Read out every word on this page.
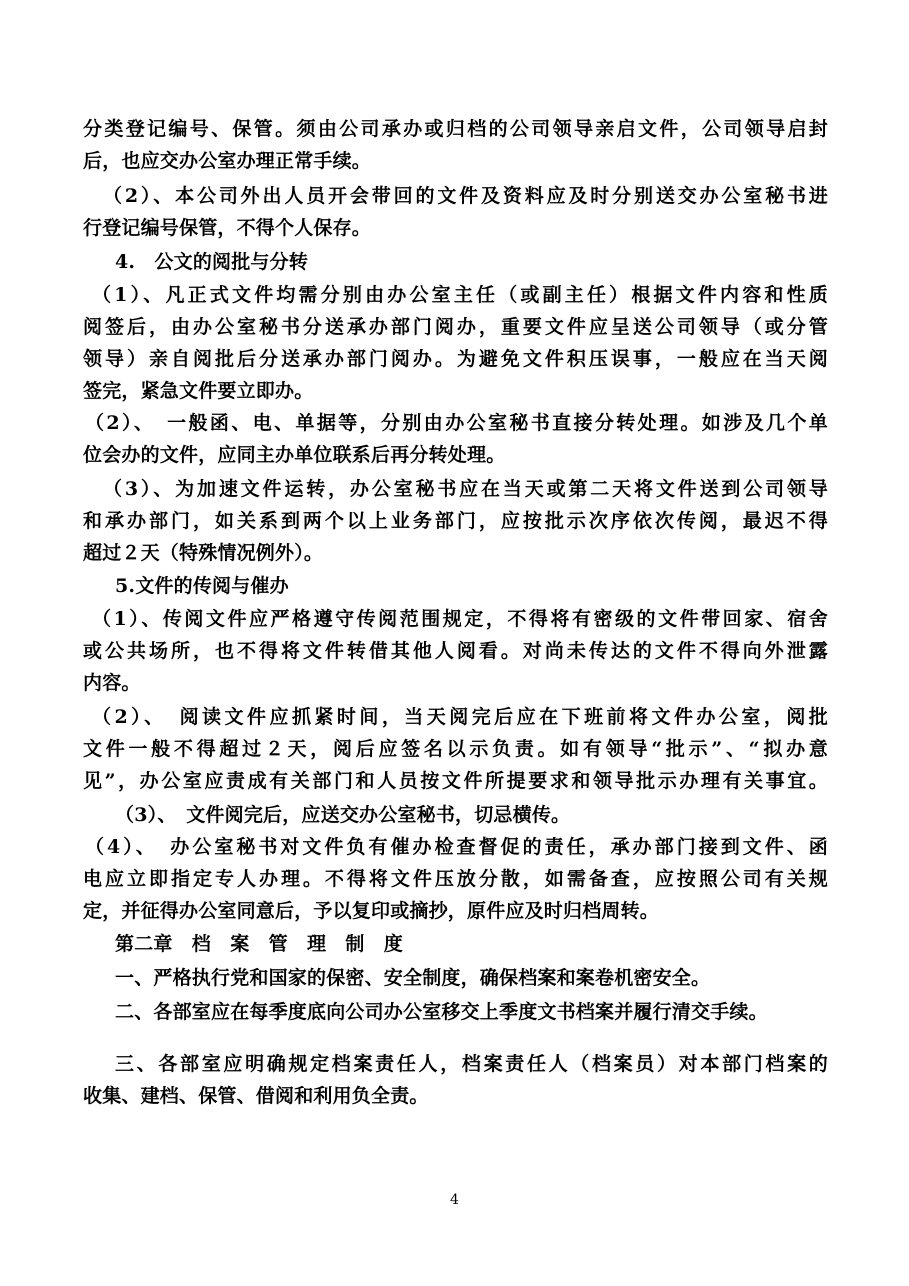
分类登记编号、保管。须由公司承办或归档的公司领导亲启文件，公司领导启封
后，也应交办公室办理正常手续。
（2）、本公司外出人员开会带回的文件及资料应及时分别送交办公室秘书进
行登记编号保管，不得个人保存。
4.　公文的阅批与分转
（1）、凡正式文件均需分别由办公室主任（或副主任）根据文件内容和性质
阅签后，由办公室秘书分送承办部门阅办，重要文件应呈送公司领导（或分管
领导）亲自阅批后分送承办部门阅办。为避免文件积压误事，一般应在当天阅
签完，紧急文件要立即办。
（2）、　一般函、电、单据等，分别由办公室秘书直接分转处理。如涉及几个单
位会办的文件，应同主办单位联系后再分转处理。
（3）、为加速文件运转，办公室秘书应在当天或第二天将文件送到公司领导
和承办部门，如关系到两个以上业务部门，应按批示次序依次传阅，最迟不得
超过２天（特殊情况例外）。
5.文件的传阅与催办
（1）、传阅文件应严格遵守传阅范围规定，不得将有密级的文件带回家、宿舍
或公共场所，也不得将文件转借其他人阅看。对尚未传达的文件不得向外泄露
内容。
（2）、　阅读文件应抓紧时间，当天阅完后应在下班前将文件办公室，阅批
文件一般不得超过２天，阅后应签名以示负责。如有领导“批示”、“拟办意
见”，办公室应责成有关部门和人员按文件所提要求和领导批示办理有关事宜。
（3）、　文件阅完后，应送交办公室秘书，切忌横传。
（4）、　办公室秘书对文件负有催办检查督促的责任，承办部门接到文件、函
电应立即指定专人办理。不得将文件压放分散，如需备查，应按照公司有关规
定，并征得办公室同意后，予以复印或摘抄，原件应及时归档周转。
第二章　档　案　管　理　制　度
一、严格执行党和国家的保密、安全制度，确保档案和案卷机密安全。
二、各部室应在每季度底向公司办公室移交上季度文书档案并履行清交手续。
三、各部室应明确规定档案责任人，档案责任人（档案员）对本部门档案的
收集、建档、保管、借阅和利用负全责。
4
